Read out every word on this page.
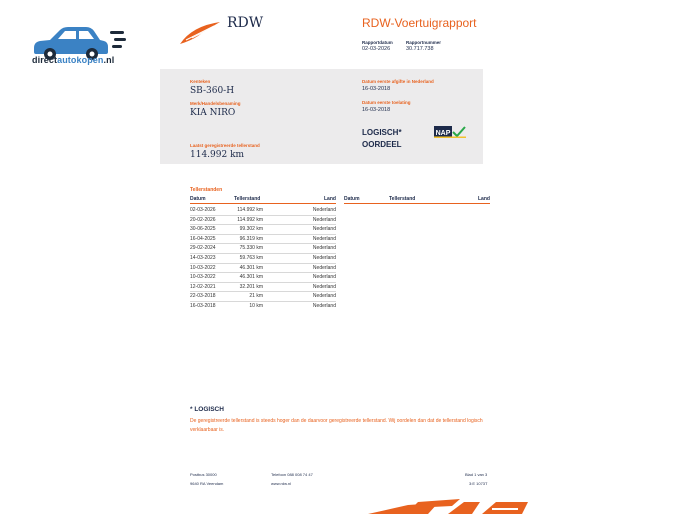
directautokopen.nl
RDW	RDW-Voertuigrapport
Rapportdatum
02-03-2026
Rapportnummer
30.717.738
Kenteken
SB-360-H
Merk/Handelsbenaming
KIA NIRO
Laatst geregistreerde tellerstand
114.992 km
Datum eerste afgifte in Nederland
16-03-2018
Datum eerste toelating
16-03-2018
LOGISCH*
OORDEEL
NAP
Tellerstanden
Datum	Tellerstand	Land Datum	Tellerstand	Land
02-03-2026	114.992 km	Nederland
20-02-2026	114.992 km	Nederland
30-06-2025	99.302 km	Nederland
16-04-2025	96.319 km	Nederland
29-02-2024	75.330 km	Nederland
14-03-2023	59.763 km	Nederland
10-03-2022	46.301 km	Nederland
10-03-2022	46.301 km	Nederland
12-02-2021	32.201 km	Nederland
22-03-2018	21 km	Nederland
16-03-2018	10 km	Nederland
* LOGISCH
De geregistreerde tellerstand is steeds hoger dan de daarvoor geregistreerde tellerstand. Wij oordelen dan dat de tellerstand logisch verklaarbaar is.
Postbus 30000
9640 RA Veendam
Telefoon 088 008 74 47
www.rdw.nl
Blad 1 van 3
3:E 1073T
